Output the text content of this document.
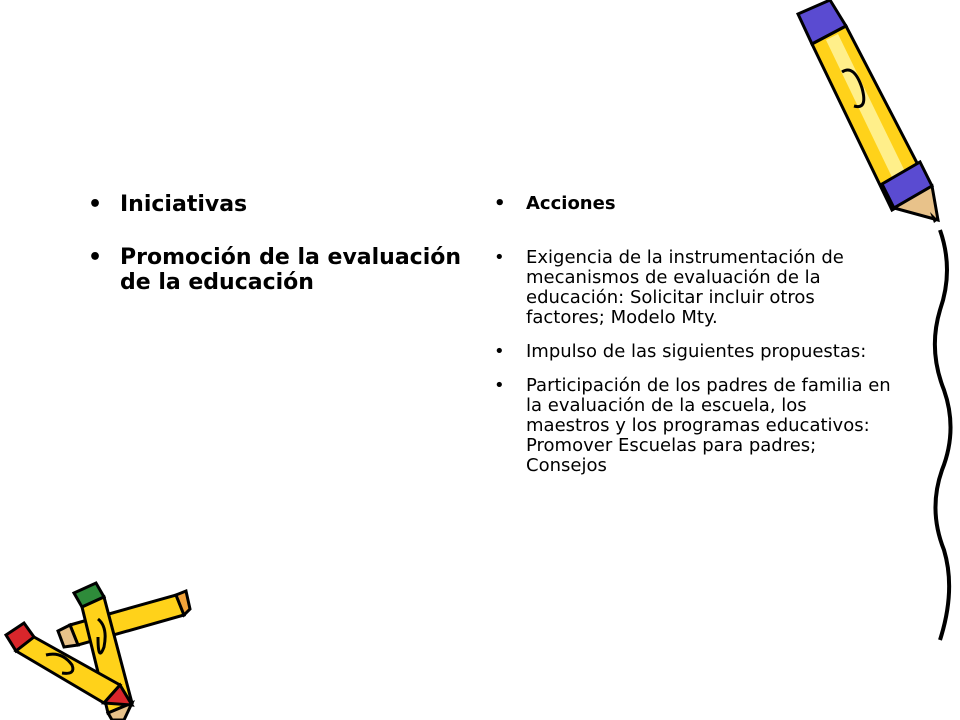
• Iniciativas
• Promoción de la evaluación de la educación
• Acciones
• Exigencia de la instrumentación de mecanismos de evaluación de la educación: Solicitar incluir otros factores; Modelo Mty.
• Impulso de las siguientes propuestas:
• Participación de los padres de familia en la evaluación de la escuela, los maestros y los programas educativos: Promover Escuelas para padres; Consejos
